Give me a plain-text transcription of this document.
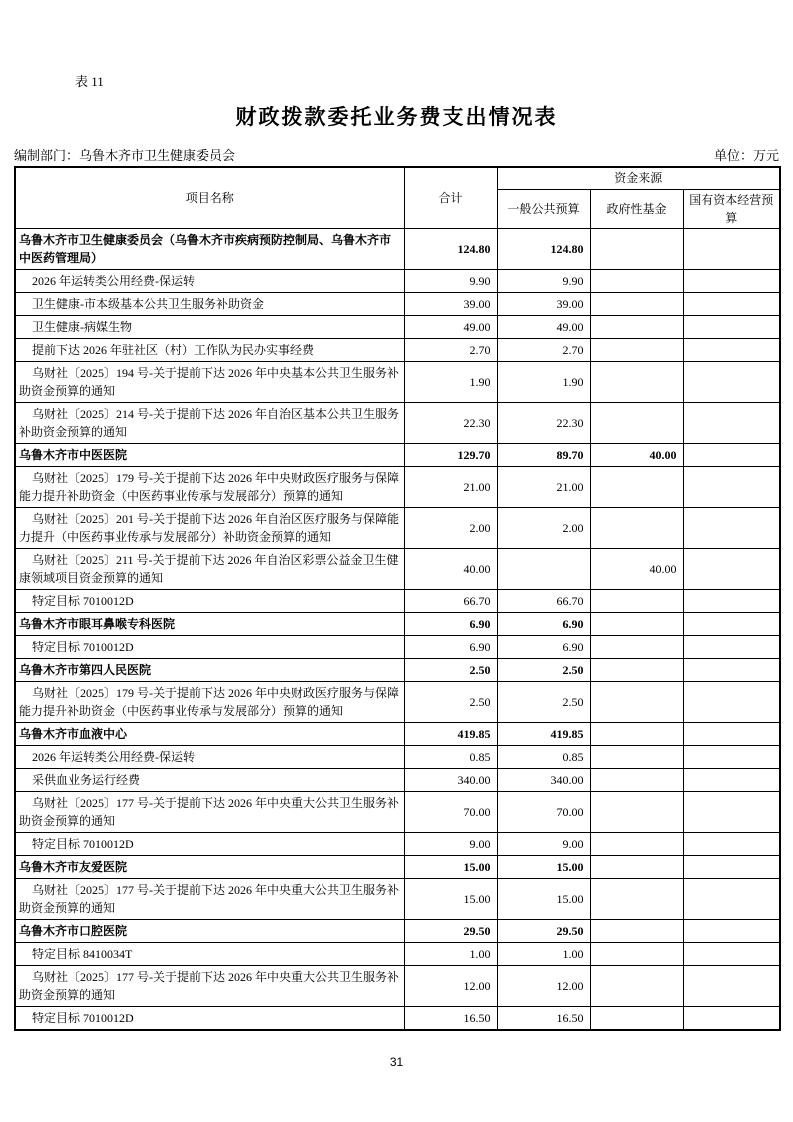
表 11
财政拨款委托业务费支出情况表
编制部门：乌鲁木齐市卫生健康委员会	单位：万元
项目名称	合计	资金来源		
		一般公共预算	政府性基金	国有资本经营预算
乌鲁木齐市卫生健康委员会（乌鲁木齐市疾病预防控制局、乌鲁木齐市中医药管理局）	124.80	124.80		
2026 年运转类公用经费-保运转	9.90	9.90		
卫生健康-市本级基本公共卫生服务补助资金	39.00	39.00		
卫生健康-病媒生物	49.00	49.00		
提前下达 2026 年驻社区（村）工作队为民办实事经费	2.70	2.70		
乌财社〔2025〕194 号-关于提前下达 2026 年中央基本公共卫生服务补助资金预算的通知	1.90	1.90		
乌财社〔2025〕214 号-关于提前下达 2026 年自治区基本公共卫生服务补助资金预算的通知	22.30	22.30		
乌鲁木齐市中医医院	129.70	89.70	40.00	
乌财社〔2025〕179 号-关于提前下达 2026 年中央财政医疗服务与保障能力提升补助资金（中医药事业传承与发展部分）预算的通知	21.00	21.00		
乌财社〔2025〕201 号-关于提前下达 2026 年自治区医疗服务与保障能力提升（中医药事业传承与发展部分）补助资金预算的通知	2.00	2.00		
乌财社〔2025〕211 号-关于提前下达 2026 年自治区彩票公益金卫生健康领域项目资金预算的通知	40.00		40.00	
特定目标 7010012D	66.70	66.70		
乌鲁木齐市眼耳鼻喉专科医院	6.90	6.90		
特定目标 7010012D	6.90	6.90		
乌鲁木齐市第四人民医院	2.50	2.50		
乌财社〔2025〕179 号-关于提前下达 2026 年中央财政医疗服务与保障能力提升补助资金（中医药事业传承与发展部分）预算的通知	2.50	2.50		
乌鲁木齐市血液中心	419.85	419.85		
2026 年运转类公用经费-保运转	0.85	0.85		
采供血业务运行经费	340.00	340.00		
乌财社〔2025〕177 号-关于提前下达 2026 年中央重大公共卫生服务补助资金预算的通知	70.00	70.00		
特定目标 7010012D	9.00	9.00		
乌鲁木齐市友爱医院	15.00	15.00		
乌财社〔2025〕177 号-关于提前下达 2026 年中央重大公共卫生服务补助资金预算的通知	15.00	15.00		
乌鲁木齐市口腔医院	29.50	29.50		
特定目标 8410034T	1.00	1.00		
乌财社〔2025〕177 号-关于提前下达 2026 年中央重大公共卫生服务补助资金预算的通知	12.00	12.00		
特定目标 7010012D	16.50	16.50		
31
